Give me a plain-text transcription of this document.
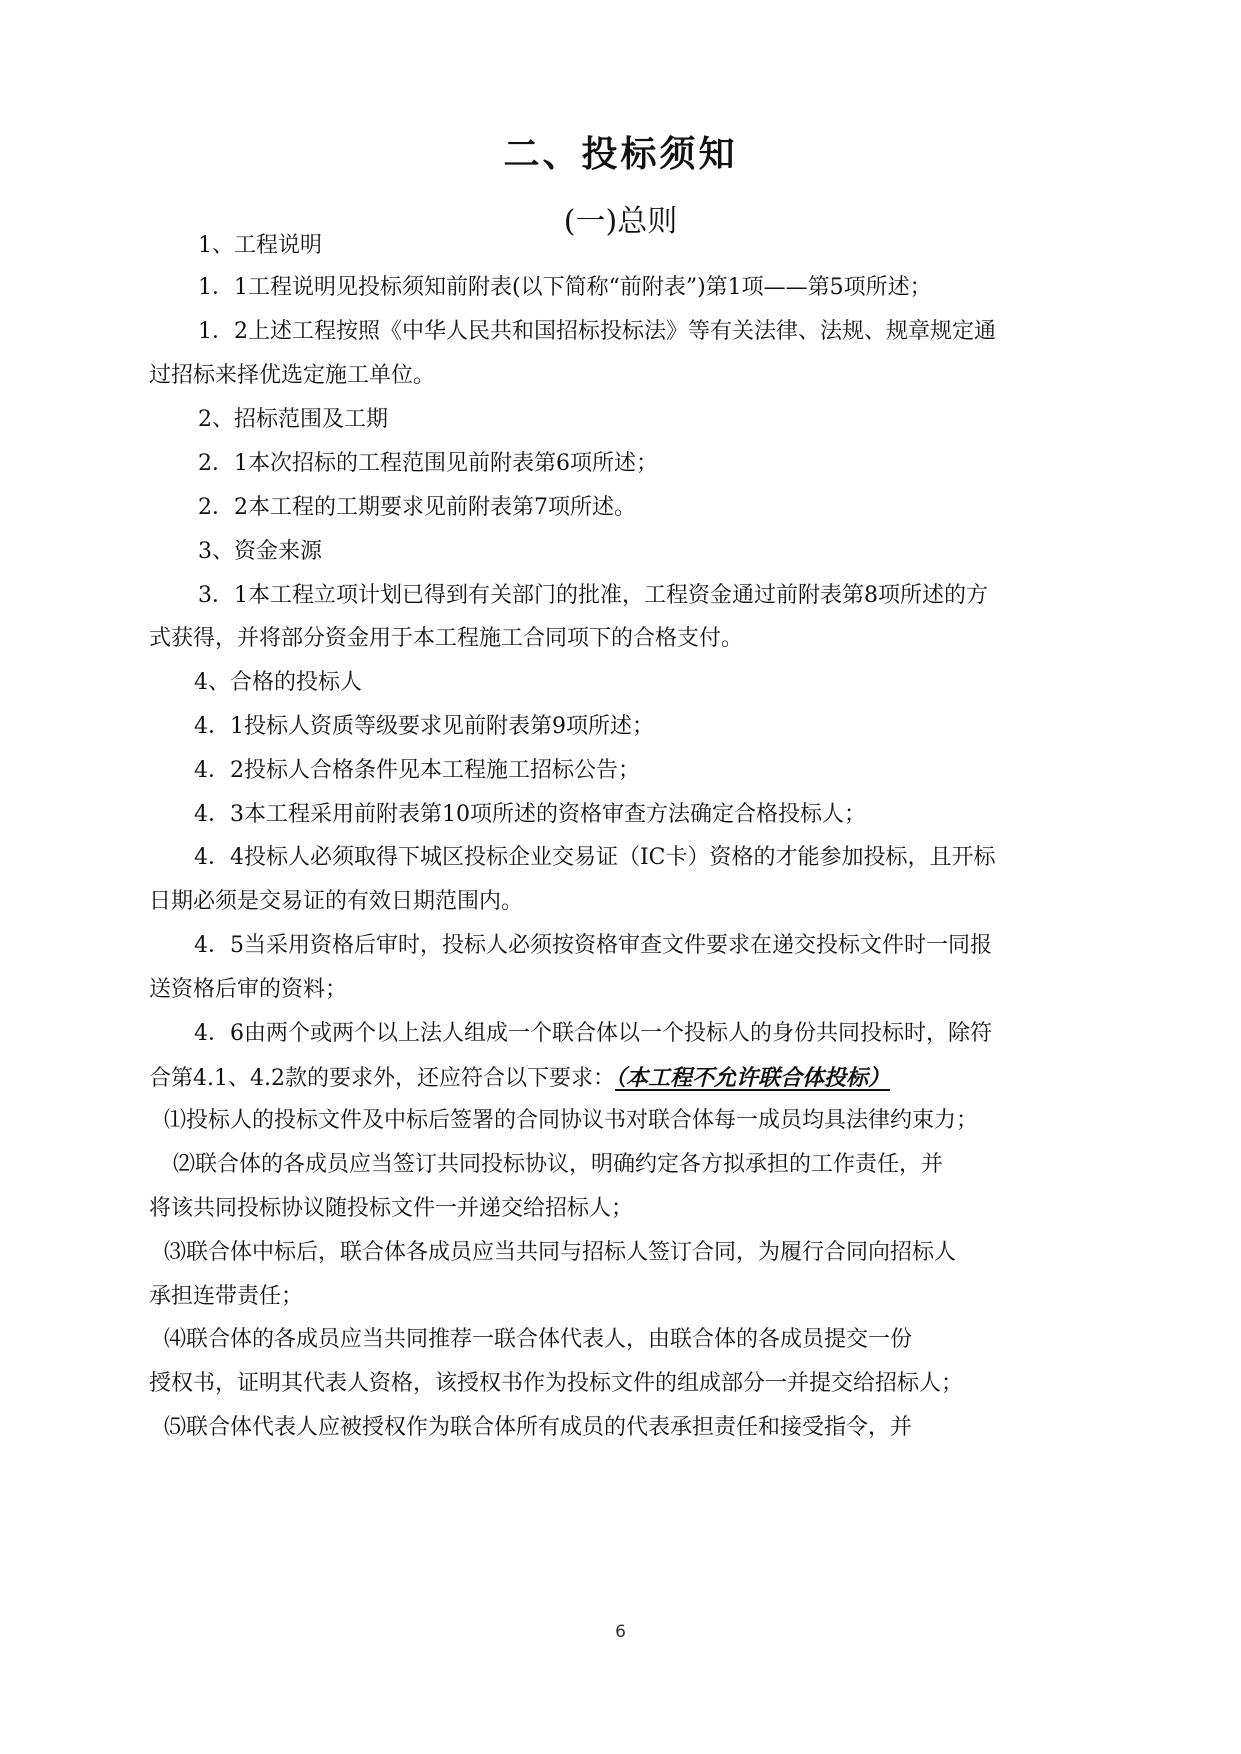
二、投标须知
(一)总则
1、工程说明
1．1工程说明见投标须知前附表(以下简称“前附表”)第1项——第5项所述；
1．2上述工程按照《中华人民共和国招标投标法》等有关法律、法规、规章规定通
过招标来择优选定施工单位。
2、招标范围及工期
2．1本次招标的工程范围见前附表第6项所述；
2．2本工程的工期要求见前附表第7项所述。
3、资金来源
3．1本工程立项计划已得到有关部门的批准，工程资金通过前附表第8项所述的方
式获得，并将部分资金用于本工程施工合同项下的合格支付。
4、合格的投标人
4．1投标人资质等级要求见前附表第9项所述；
4．2投标人合格条件见本工程施工招标公告；
4．3本工程采用前附表第10项所述的资格审查方法确定合格投标人；
4．4投标人必须取得下城区投标企业交易证（IC卡）资格的才能参加投标，且开标
日期必须是交易证的有效日期范围内。
4．5当采用资格后审时，投标人必须按资格审查文件要求在递交投标文件时一同报
送资格后审的资料；
4．6由两个或两个以上法人组成一个联合体以一个投标人的身份共同投标时，除符
合第4.1、4.2款的要求外，还应符合以下要求：（本工程不允许联合体投标）
⑴投标人的投标文件及中标后签署的合同协议书对联合体每一成员均具法律约束力；
⑵联合体的各成员应当签订共同投标协议，明确约定各方拟承担的工作责任，并
将该共同投标协议随投标文件一并递交给招标人；
⑶联合体中标后，联合体各成员应当共同与招标人签订合同，为履行合同向招标人
承担连带责任；
⑷联合体的各成员应当共同推荐一联合体代表人，由联合体的各成员提交一份
授权书，证明其代表人资格，该授权书作为投标文件的组成部分一并提交给招标人；
⑸联合体代表人应被授权作为联合体所有成员的代表承担责任和接受指令，并
6
